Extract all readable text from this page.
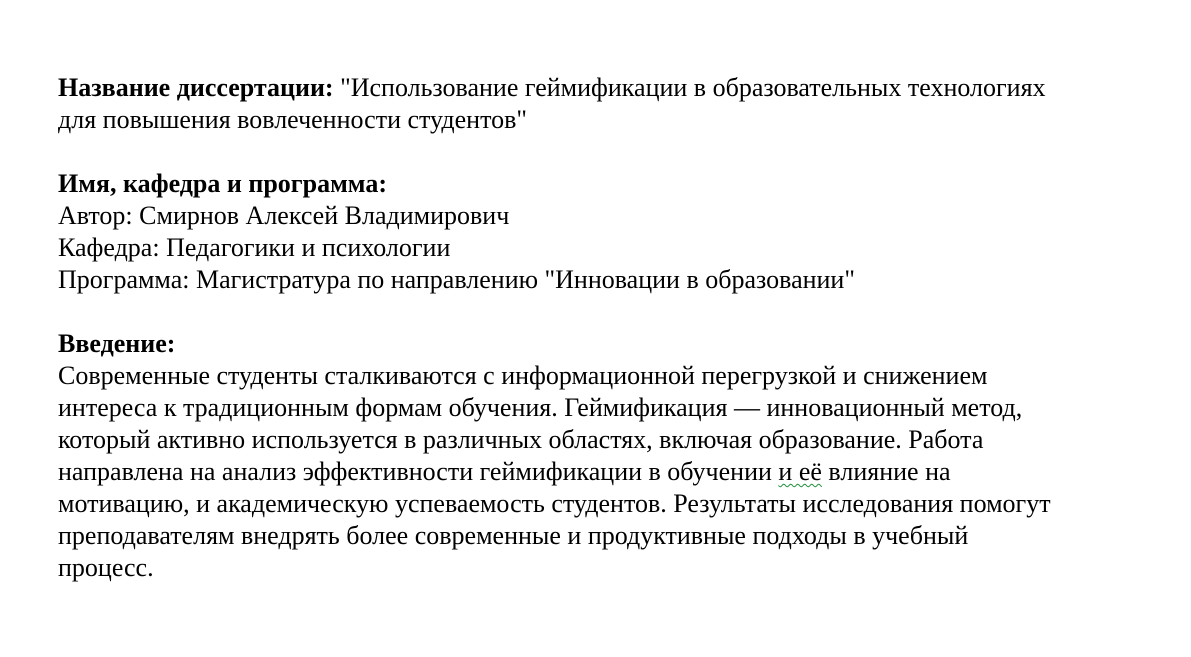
Название диссертации: "Использование геймификации в образовательных технологиях
для повышения вовлеченности студентов"
Имя, кафедра и программа:
Автор: Смирнов Алексей Владимирович
Кафедра: Педагогики и психологии
Программа: Магистратура по направлению "Инновации в образовании"
Введение:
Современные студенты сталкиваются с информационной перегрузкой и снижением
интереса к традиционным формам обучения. Геймификация — инновационный метод,
который активно используется в различных областях, включая образование. Работа
направлена на анализ эффективности геймификации в обучении и её влияние на
мотивацию, и академическую успеваемость студентов. Результаты исследования помогут
преподавателям внедрять более современные и продуктивные подходы в учебный
процесс.
